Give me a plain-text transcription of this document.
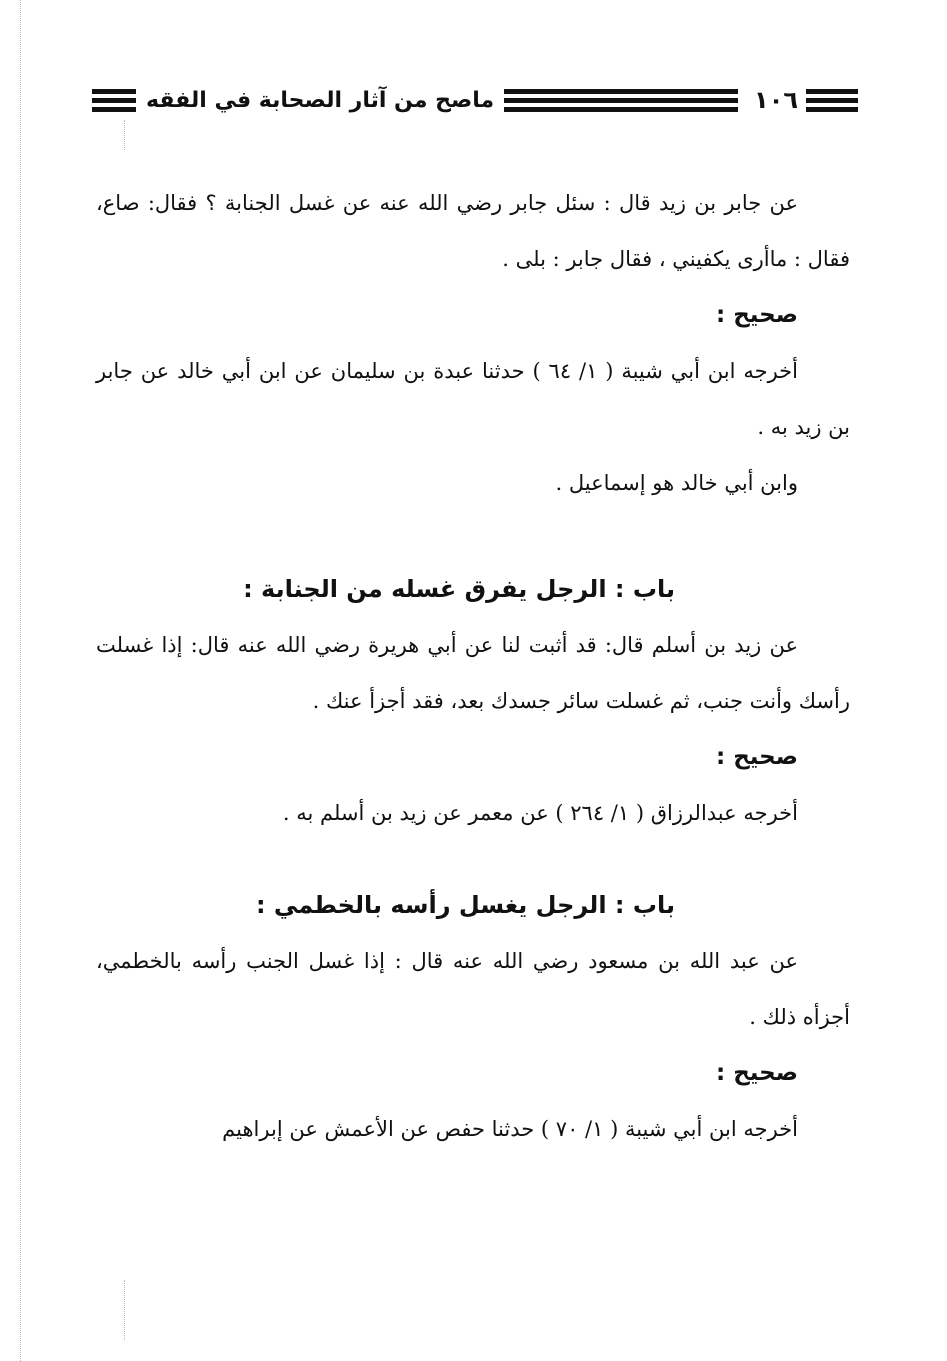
١٠٦
ماصح من آثار الصحابة في الفقه

عن جابر بن زيد قال : سئل جابر رضي الله عنه عن غسل الجنابة ؟ فقال: صاع، فقال : ماأرى يكفيني ، فقال جابر : بلى .

صحيح :

أخرجه ابن أبي شيبة ( ١/ ٦٤ ) حدثنا عبدة بن سليمان عن ابن أبي خالد عن جابر بن زيد به .

وابن أبي خالد هو إسماعيل .

باب : الرجل يفرق غسله من الجنابة :

عن زيد بن أسلم قال: قد أثبت لنا عن أبي هريرة رضي الله عنه قال: إذا غسلت رأسك وأنت جنب، ثم غسلت سائر جسدك بعد، فقد أجزأ عنك .

صحيح :

أخرجه عبدالرزاق ( ١/ ٢٦٤ ) عن معمر عن زيد بن أسلم به .

باب : الرجل يغسل رأسه بالخطمي :

عن عبد الله بن مسعود رضي الله عنه قال : إذا غسل الجنب رأسه بالخطمي، أجزأه ذلك .

صحيح :

أخرجه ابن أبي شيبة ( ١/ ٧٠ ) حدثنا حفص عن الأعمش عن إبراهيم
